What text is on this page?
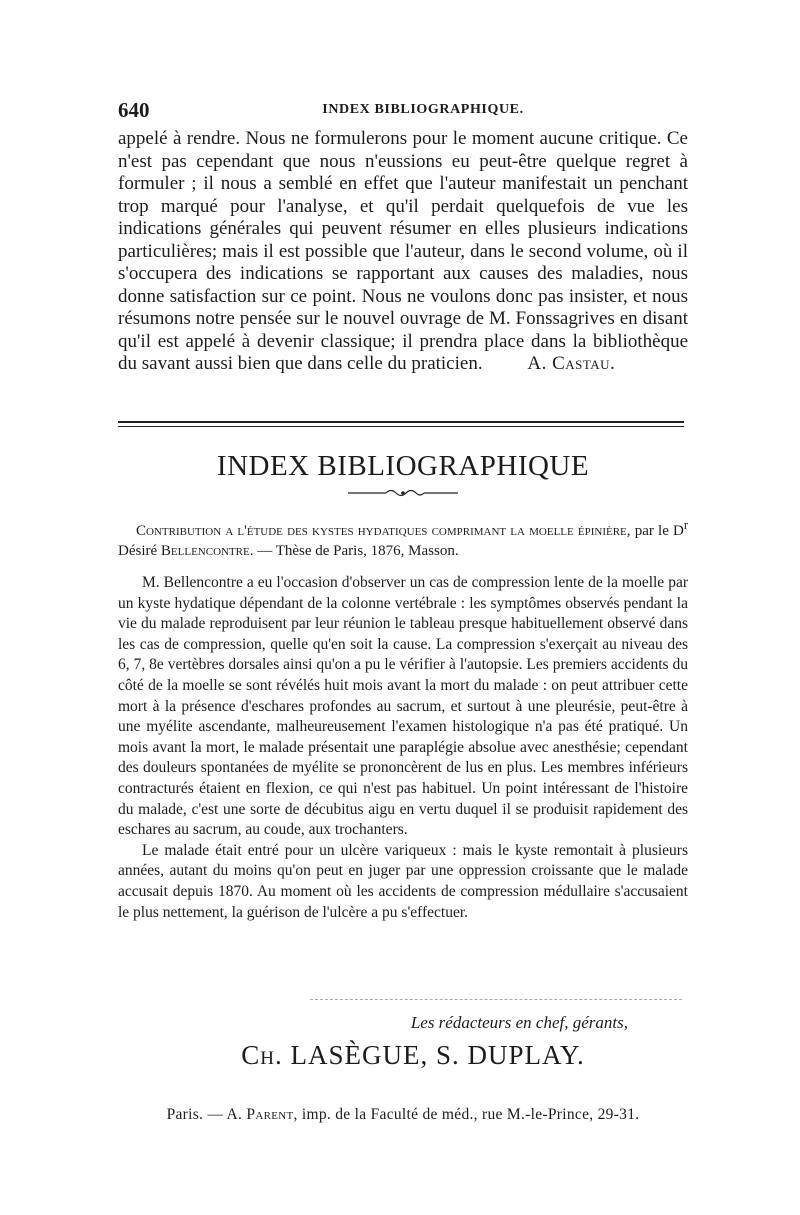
640	INDEX BIBLIOGRAPHIQUE.
appelé à rendre. Nous ne formulerons pour le moment aucune critique. Ce n'est pas cependant que nous n'eussions eu peut-être quelque regret à formuler ; il nous a semblé en effet que l'auteur manifestait un penchant trop marqué pour l'analyse, et qu'il perdait quelquefois de vue les indications générales qui peuvent résumer en elles plusieurs indications particulières; mais il est possible que l'auteur, dans le second volume, où il s'occupera des indications se rapportant aux causes des maladies, nous donne satisfaction sur ce point. Nous ne voulons donc pas insister, et nous résumons notre pensée sur le nouvel ouvrage de M. Fonssagrives en disant qu'il est appelé à devenir classique; il prendra place dans la bibliothèque du savant aussi bien que dans celle du praticien. A. Castau.
INDEX BIBLIOGRAPHIQUE
Contribution a l'étude des kystes hydatiques comprimant la moelle épinière, par le $D^r$ Désiré Bellencontre. — Thèse de Paris, 1876, Masson.

M. Bellencontre a eu l'occasion d'observer un cas de compression lente de la moelle par un kyste hydatique dépendant de la colonne vertébrale : les symptômes observés pendant la vie du malade reproduisent par leur réunion le tableau presque habituellement observé dans les cas de compression, quelle qu'en soit la cause. La compression s'exerçait au niveau des 6, 7, 8e vertèbres dorsales ainsi qu'on a pu le vérifier à l'autopsie. Les premiers accidents du côté de la moelle se sont révélés huit mois avant la mort du malade : on peut attribuer cette mort à la présence d'eschares profondes au sacrum, et surtout à une pleurésie, peut-être à une myélite ascendante, malheureusement l'examen histologique n'a pas été pratiqué. Un mois avant la mort, le malade présentait une paraplégie absolue avec anesthésie; cependant des douleurs spontanées de myélite se prononcèrent de lus en plus. Les membres inférieurs contracturés étaient en flexion, ce qui n'est pas habituel. Un point intéressant de l'histoire du malade, c'est une sorte de décubitus aigu en vertu duquel il se produisit rapidement des eschares au sacrum, au coude, aux trochanters.

Le malade était entré pour un ulcère variqueux : mais le kyste remontait à plusieurs années, autant du moins qu'on peut en juger par une oppression croissante que le malade accusait depuis 1870. Au moment où les accidents de compression médullaire s'accusaient le plus nettement, la guérison de l'ulcère a pu s'effectuer.

Les rédacteurs en chef, gérants,
Ch. LASÈGUE, S. DUPLAY.
Paris. — A. Parent, imp. de la Faculté de méd., rue M.-le-Prince, 29-31.
